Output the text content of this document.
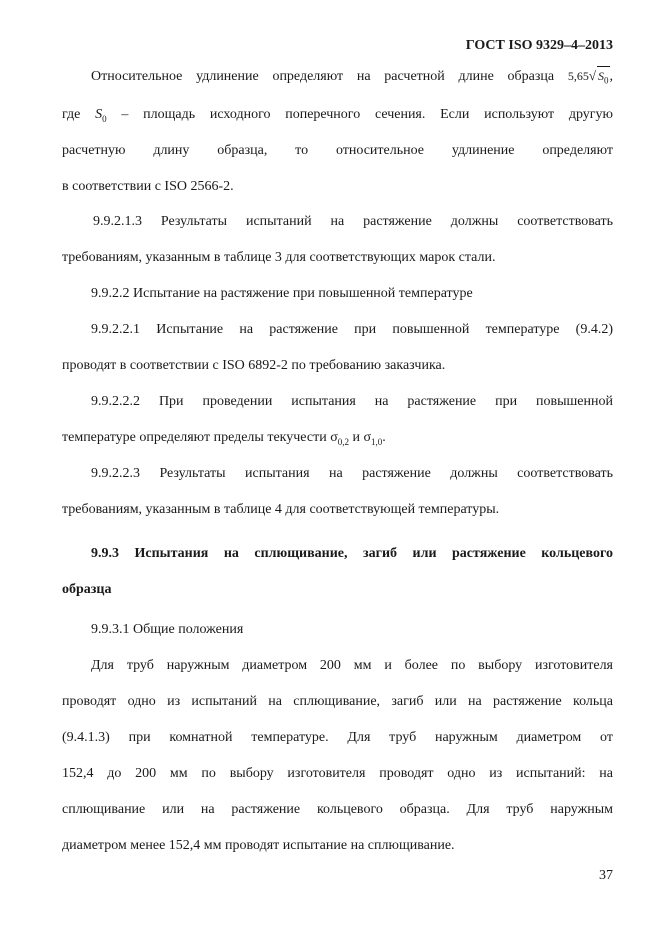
ГОСТ ISO 9329–4–2013
Относительное удлинение определяют на расчетной длине образца 5,65√ $S_0$,
где $S_0$ – площадь исходного поперечного сечения. Если используют другую
расчетную длину образца, то относительное удлинение определяют
в соответствии с ISO 2566-2.
9.9.2.1.3 Результаты испытаний на растяжение должны соответствовать
требованиям, указанным в таблице 3 для соответствующих марок стали.
9.9.2.2 Испытание на растяжение при повышенной температуре
9.9.2.2.1 Испытание на растяжение при повышенной температуре (9.4.2)
проводят в соответствии с ISO 6892-2 по требованию заказчика.
9.9.2.2.2 При проведении испытания на растяжение при повышенной
температуре определяют пределы текучести $\sigma_{0,2}$ и $\sigma_{1,0}$.
9.9.2.2.3 Результаты испытания на растяжение должны соответствовать
требованиям, указанным в таблице 4 для соответствующей температуры.
9.9.3 Испытания на сплющивание, загиб или растяжение кольцевого
образца
9.9.3.1 Общие положения
Для труб наружным диаметром 200 мм и более по выбору изготовителя
проводят одно из испытаний на сплющивание, загиб или на растяжение кольца
(9.4.1.3) при комнатной температуре. Для труб наружным диаметром от
152,4 до 200 мм по выбору изготовителя проводят одно из испытаний: на
сплющивание или на растяжение кольцевого образца. Для труб наружным
диаметром менее 152,4 мм проводят испытание на сплющивание.
37
